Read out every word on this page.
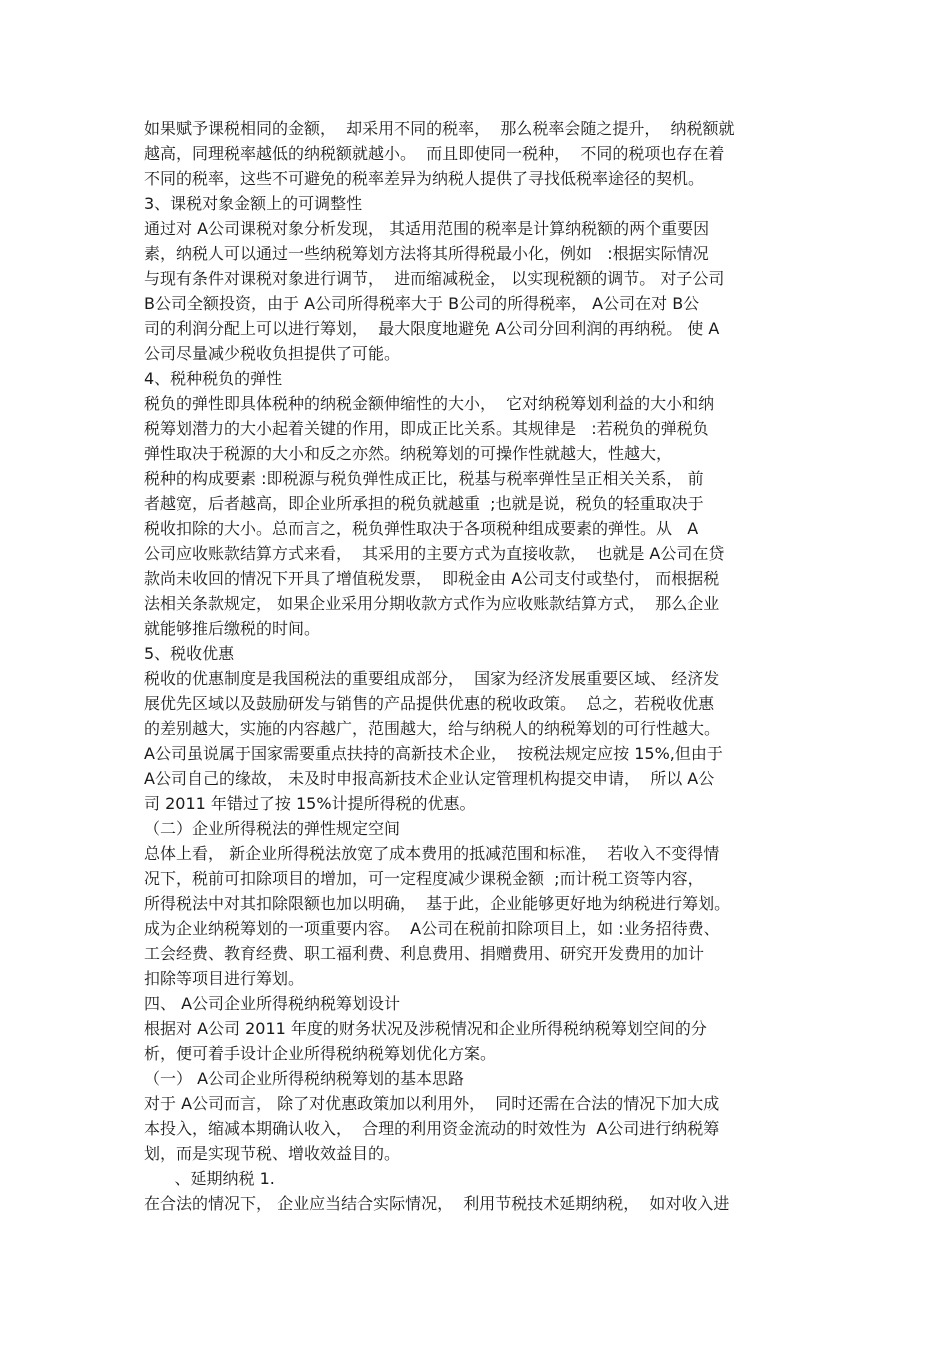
如果赋予课税相同的金额，  却采用不同的税率，  那么税率会随之提升，  纳税额就

越高，同理税率越低的纳税额就越小。  而且即使同一税种，  不同的税项也存在着

不同的税率，这些不可避免的税率差异为纳税人提供了寻找低税率途径的契机。

3、课税对象金额上的可调整性

通过对 A公司课税对象分析发现， 其适用范围的税率是计算纳税额的两个重要因

素，纳税人可以通过一些纳税筹划方法将其所得税最小化，例如   :根据实际情况

与现有条件对课税对象进行调节，  进而缩减税金， 以实现税额的调节。 对子公司

B公司全额投资，由于 A公司所得税率大于 B公司的所得税率， A公司在对 B公

司的利润分配上可以进行筹划，  最大限度地避免 A公司分回利润的再纳税。 使 A

公司尽量减少税收负担提供了可能。

4、税种税负的弹性

税负的弹性即具体税种的纳税金额伸缩性的大小，  它对纳税筹划利益的大小和纳

税筹划潜力的大小起着关键的作用，即成正比关系。其规律是   :若税负的弹税负

弹性取决于税源的大小和反之亦然。纳税筹划的可操作性就越大，性越大，

税种的构成要素 :即税源与税负弹性成正比，税基与税率弹性呈正相关关系， 前

者越宽，后者越高，即企业所承担的税负就越重  ;也就是说，税负的轻重取决于

税收扣除的大小。总而言之，税负弹性取决于各项税种组成要素的弹性。从   A

公司应收账款结算方式来看，  其采用的主要方式为直接收款，  也就是 A公司在贷

款尚未收回的情况下开具了增值税发票，  即税金由 A公司支付或垫付， 而根据税

法相关条款规定， 如果企业采用分期收款方式作为应收账款结算方式，  那么企业

就能够推后缴税的时间。

5、税收优惠

税收的优惠制度是我国税法的重要组成部分，  国家为经济发展重要区域、 经济发

展优先区域以及鼓励研发与销售的产品提供优惠的税收政策。  总之，若税收优惠

的差别越大，实施的内容越广，范围越大，给与纳税人的纳税筹划的可行性越大。

A公司虽说属于国家需要重点扶持的高新技术企业，  按税法规定应按 15%,但由于

A公司自己的缘故， 未及时申报高新技术企业认定管理机构提交申请，  所以 A公

司 2011 年错过了按 15%计提所得税的优惠。

（二）企业所得税法的弹性规定空间

总体上看， 新企业所得税法放宽了成本费用的抵减范围和标准，  若收入不变得情

况下，税前可扣除项目的增加，可一定程度减少课税金额  ;而计税工资等内容，

所得税法中对其扣除限额也加以明确，  基于此，企业能够更好地为纳税进行筹划。

成为企业纳税筹划的一项重要内容。  A公司在税前扣除项目上，如 :业务招待费、

工会经费、教育经费、职工福利费、利息费用、捐赠费用、研究开发费用的加计

扣除等项目进行筹划。

四、 A公司企业所得税纳税筹划设计

根据对 A公司 2011 年度的财务状况及涉税情况和企业所得税纳税筹划空间的分

析，便可着手设计企业所得税纳税筹划优化方案。

（一） A公司企业所得税纳税筹划的基本思路

对于 A公司而言， 除了对优惠政策加以利用外，  同时还需在合法的情况下加大成

本投入，缩减本期确认收入，  合理的利用资金流动的时效性为  A公司进行纳税筹

划，而是实现节税、增收效益目的。

、延期纳税 1.

在合法的情况下， 企业应当结合实际情况，  利用节税技术延期纳税，  如对收入进
